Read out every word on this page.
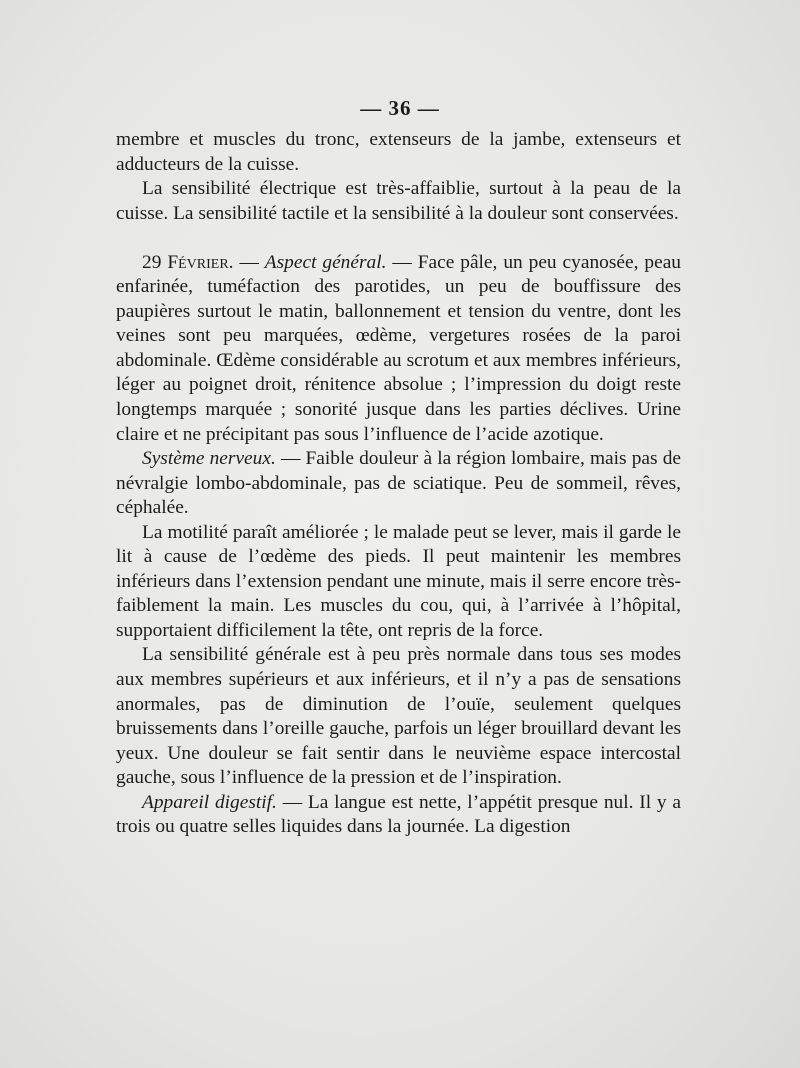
— 36 —

membre et muscles du tronc, extenseurs de la jambe, extenseurs et adducteurs de la cuisse.

La sensibilité électrique est très-affaiblie, surtout à la peau de la cuisse. La sensibilité tactile et la sensibilité à la douleur sont conservées.

29 Février. — Aspect général. — Face pâle, un peu cyanosée, peau enfarinée, tuméfaction des parotides, un peu de bouffissure des paupières surtout le matin, ballonnement et tension du ventre, dont les veines sont peu marquées, œdème, vergetures rosées de la paroi abdominale. Œdème considérable au scrotum et aux membres inférieurs, léger au poignet droit, rénitence absolue ; l’impression du doigt reste longtemps marquée ; sonorité jusque dans les parties déclives. Urine claire et ne précipitant pas sous l’influence de l’acide azotique.

Système nerveux. — Faible douleur à la région lombaire, mais pas de névralgie lombo-abdominale, pas de sciatique. Peu de sommeil, rêves, céphalée.

La motilité paraît améliorée ; le malade peut se lever, mais il garde le lit à cause de l’œdème des pieds. Il peut maintenir les membres inférieurs dans l’extension pendant une minute, mais il serre encore très-faiblement la main. Les muscles du cou, qui, à l’arrivée à l’hôpital, supportaient difficilement la tête, ont repris de la force.

La sensibilité générale est à peu près normale dans tous ses modes aux membres supérieurs et aux inférieurs, et il n’y a pas de sensations anormales, pas de diminution de l’ouïe, seulement quelques bruissements dans l’oreille gauche, parfois un léger brouillard devant les yeux. Une douleur se fait sentir dans le neuvième espace intercostal gauche, sous l’influence de la pression et de l’inspiration.

Appareil digestif. — La langue est nette, l’appétit presque nul. Il y a trois ou quatre selles liquides dans la journée. La digestion
